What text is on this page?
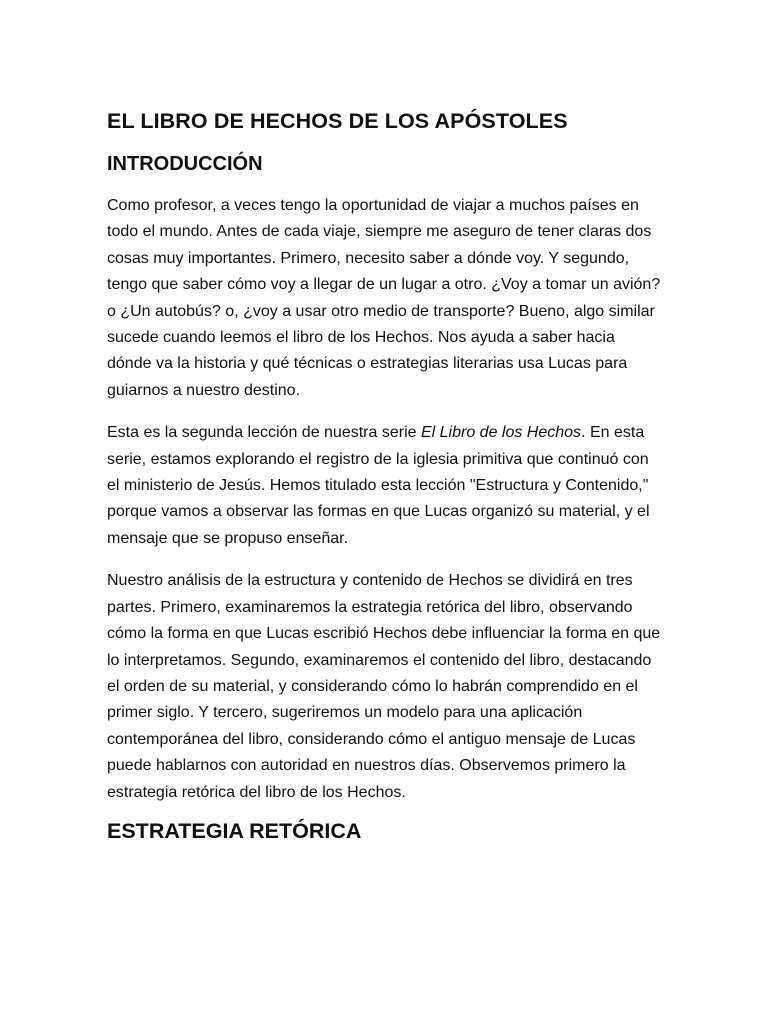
EL LIBRO DE HECHOS DE LOS APÓSTOLES
INTRODUCCIÓN

Como profesor, a veces tengo la oportunidad de viajar a muchos países en todo el mundo. Antes de cada viaje, siempre me aseguro de tener claras dos cosas muy importantes. Primero, necesito saber a dónde voy. Y segundo, tengo que saber cómo voy a llegar de un lugar a otro. ¿Voy a tomar un avión? o ¿Un autobús? o, ¿voy a usar otro medio de transporte? Bueno, algo similar sucede cuando leemos el libro de los Hechos. Nos ayuda a saber hacia dónde va la historia y qué técnicas o estrategias literarias usa Lucas para guiarnos a nuestro destino.

Esta es la segunda lección de nuestra serie El Libro de los Hechos. En esta serie, estamos explorando el registro de la iglesia primitiva que continuó con el ministerio de Jesús. Hemos titulado esta lección "Estructura y Contenido," porque vamos a observar las formas en que Lucas organizó su material, y el mensaje que se propuso enseñar.

Nuestro análisis de la estructura y contenido de Hechos se dividirá en tres partes. Primero, examinaremos la estrategia retórica del libro, observando cómo la forma en que Lucas escribió Hechos debe influenciar la forma en que lo interpretamos. Segundo, examinaremos el contenido del libro, destacando el orden de su material, y considerando cómo lo habrán comprendido en el primer siglo. Y tercero, sugeriremos un modelo para una aplicación contemporánea del libro, considerando cómo el antiguo mensaje de Lucas puede hablarnos con autoridad en nuestros días. Observemos primero la estrategia retórica del libro de los Hechos.

ESTRATEGIA RETÓRICA
